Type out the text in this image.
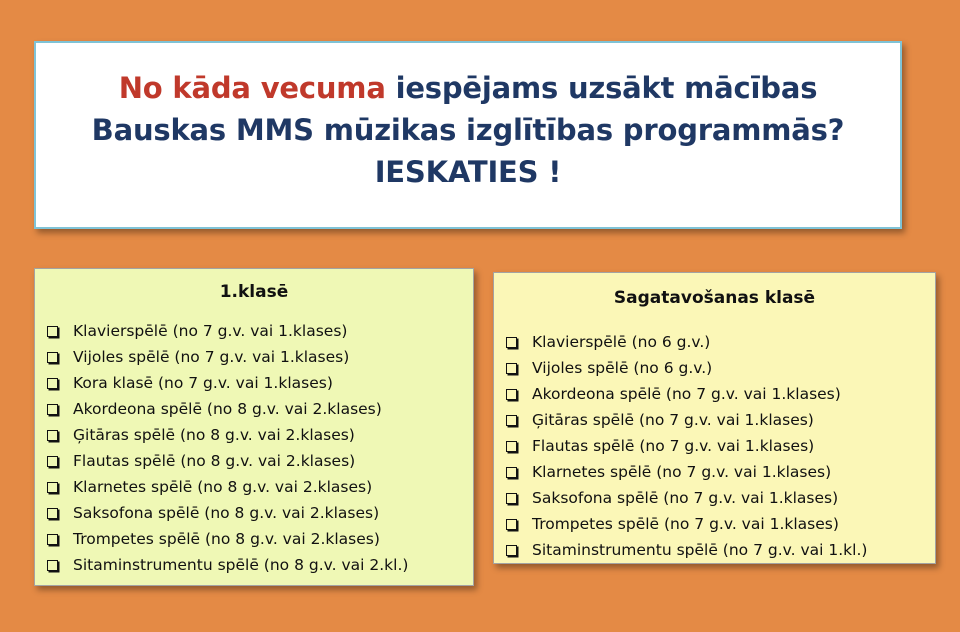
No kāda vecuma iespējams uzsākt mācības
Bauskas MMS mūzikas izglītības programmās?
IESKATIES !
1.klasē
Klavierspēlē (no 7 g.v. vai 1.klases)
Vijoles spēlē (no 7 g.v. vai 1.klases)
Kora klasē (no 7 g.v. vai 1.klases)
Akordeona spēlē (no 8 g.v. vai 2.klases)
Ģitāras spēlē (no 8 g.v. vai 2.klases)
Flautas spēlē (no 8 g.v. vai 2.klases)
Klarnetes spēlē (no 8 g.v. vai 2.klases)
Saksofona spēlē (no 8 g.v. vai 2.klases)
Trompetes spēlē (no 8 g.v. vai 2.klases)
Sitaminstrumentu spēlē (no 8 g.v. vai 2.kl.)
Sagatavošanas klasē
Klavierspēlē (no 6 g.v.)
Vijoles spēlē (no 6 g.v.)
Akordeona spēlē (no 7 g.v. vai 1.klases)
Ģitāras spēlē (no 7 g.v. vai 1.klases)
Flautas spēlē (no 7 g.v. vai 1.klases)
Klarnetes spēlē (no 7 g.v. vai 1.klases)
Saksofona spēlē (no 7 g.v. vai 1.klases)
Trompetes spēlē (no 7 g.v. vai 1.klases)
Sitaminstrumentu spēlē (no 7 g.v. vai 1.kl.)
